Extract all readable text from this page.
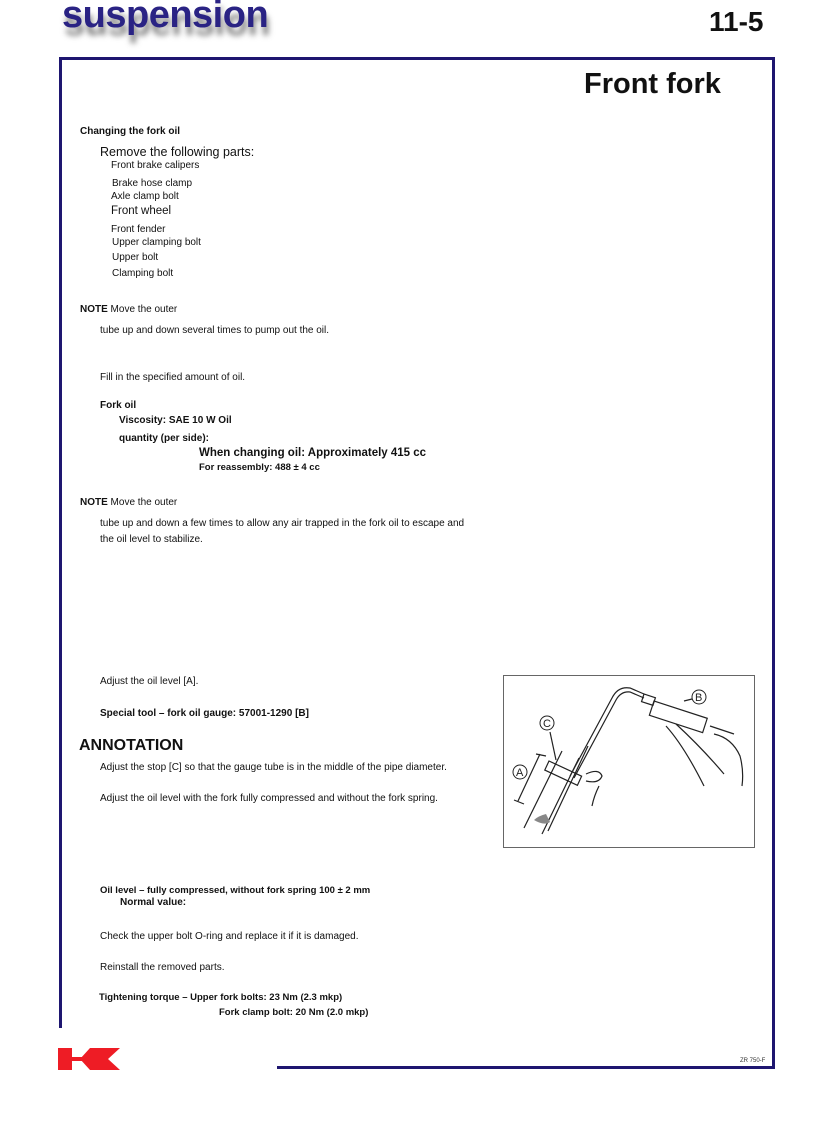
suspension	11-5
Front fork
Changing the fork oil
Remove the following parts:
Front brake calipers
Brake hose clamp
Axle clamp bolt
Front wheel
Front fender
Upper clamping bolt
Upper bolt
Clamping bolt
NOTE Move the outer
tube up and down several times to pump out the oil.
Fill in the specified amount of oil.
Fork oil
Viscosity: SAE 10 W Oil
quantity (per side):
When changing oil: Approximately 415 cc
For reassembly: 488 ± 4 cc
NOTE Move the outer
tube up and down a few times to allow any air trapped in the fork oil to escape and
the oil level to stabilize.
Adjust the oil level [A].
Special tool – fork oil gauge: 57001-1290 [B]
ANNOTATION
Adjust the stop [C] so that the gauge tube is in the middle of the pipe diameter.
Adjust the oil level with the fork fully compressed and without the fork spring.
Oil level – fully compressed, without fork spring 100 ± 2 mm
Normal value:
Check the upper bolt O-ring and replace it if it is damaged.
Reinstall the removed parts.
Tightening torque – Upper fork bolts: 23 Nm (2.3 mkp)
Fork clamp bolt: 20 Nm (2.0 mkp)
B
C
A
ZR 750-F
